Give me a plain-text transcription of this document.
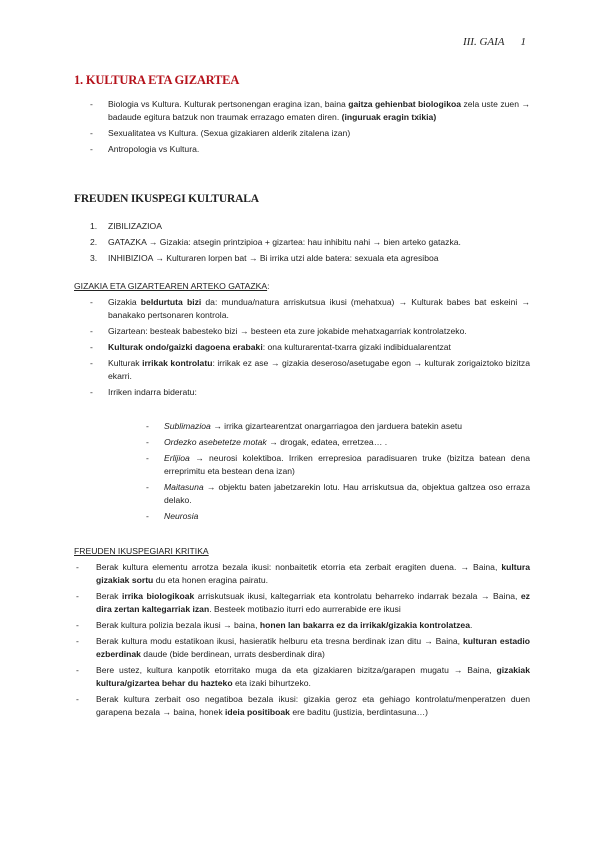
III. GAIA 1
1. KULTURA ETA GIZARTEA
- Biologia vs Kultura. Kulturak pertsonengan eragina izan, baina gaitza gehienbat biologikoa zela uste zuen → badaude egitura batzuk non traumak errazago ematen diren. (inguruak eragin txikia)
- Sexualitatea vs Kultura. (Sexua gizakiaren alderik zitalena izan)
- Antropologia vs Kultura.
FREUDEN IKUSPEGI KULTURALA
1. ZIBILIZAZIOA
2. GATAZKA → Gizakia: atsegin printzipioa + gizartea: hau inhibitu nahi → bien arteko gatazka.
3. INHIBIZIOA → Kulturaren lorpen bat → Bi irrika utzi alde batera: sexuala eta agresiboa
GIZAKIA ETA GIZARTEAREN ARTEKO GATAZKA:
- Gizakia beldurtuta bizi da: mundua/natura arriskutsua ikusi (mehatxua) → Kulturak babes bat eskeini → banakako pertsonaren kontrola.
- Gizartean: besteak babesteko bizi → besteen eta zure jokabide mehatxagarriak kontrolatzeko.
- Kulturak ondo/gaizki dagoena erabaki: ona kulturarentat-txarra gizaki indibidualarentzat
- Kulturak irrikak kontrolatu: irrikak ez ase → gizakia deseroso/asetugabe egon → kulturak zorigaiztoko bizitza ekarri.
- Irriken indarra bideratu:
- Sublimazioa → irrika gizartearentzat onargarriagoa den jarduera batekin asetu
- Ordezko asebetetze motak → drogak, edatea, erretzea… .
- Erlijioa → neurosi kolektiboa. Irriken errepresioa paradisuaren truke (bizitza batean dena erreprimitu eta bestean dena izan)
- Maitasuna → objektu baten jabetzarekin lotu. Hau arriskutsua da, objektua galtzea oso erraza delako.
- Neurosia
FREUDEN IKUSPEGIARI KRITIKA
- Berak kultura elementu arrotza bezala ikusi: nonbaitetik etorria eta zerbait eragiten duena. → Baina, kultura gizakiak sortu du eta honen eragina pairatu.
- Berak irrika biologikoak arriskutsuak ikusi, kaltegarriak eta kontrolatu beharreko indarrak bezala → Baina, ez dira zertan kaltegarriak izan. Besteek motibazio iturri edo aurrerabide ere ikusi
- Berak kultura polizia bezala ikusi → baina, honen lan bakarra ez da irrikak/gizakia kontrolatzea.
- Berak kultura modu estatikoan ikusi, hasieratik helburu eta tresna berdinak izan ditu → Baina, kulturan estadio ezberdinak daude (bide berdinean, urrats desberdinak dira)
- Bere ustez, kultura kanpotik etorritako muga da eta gizakiaren bizitza/garapen mugatu → Baina, gizakiak kultura/gizartea behar du hazteko eta izaki bihurtzeko.
- Berak kultura zerbait oso negatiboa bezala ikusi: gizakia geroz eta gehiago kontrolatu/menperatzen duen garapena bezala → baina, honek ideia positiboak ere baditu (justizia, berdintasuna…)
